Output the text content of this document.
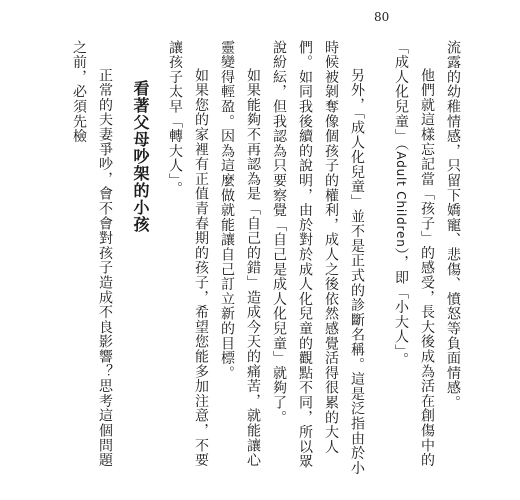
80

流露的幼稚情感，只留下嬌寵、悲傷、憤怒等負面情感。

他們就這樣忘記當「孩子」的感受，長大後成為活在創傷中的「成人化兒童」（Adult Children），即「小大人」。

另外，「成人化兒童」並不是正式的診斷名稱。這是泛指由於小時候被剝奪像個孩子的權利，成人之後依然感覺活得很累的大人們。如同我後續的說明，由於對於成人化兒童的觀點不同，所以眾說紛紜，但我認為只要察覺「自己是成人化兒童」就夠了。

如果能夠不再認為是「自己的錯」造成今天的痛苦，就能讓心靈變得輕盈。因為這麼做就能讓自己訂立新的目標。

如果您的家裡有正值青春期的孩子，希望您能多加注意，不要讓孩子太早「轉大人」。

看著父母吵架的小孩

正常的夫妻爭吵，會不會對孩子造成不良影響？思考這個問題之前，必須先檢
